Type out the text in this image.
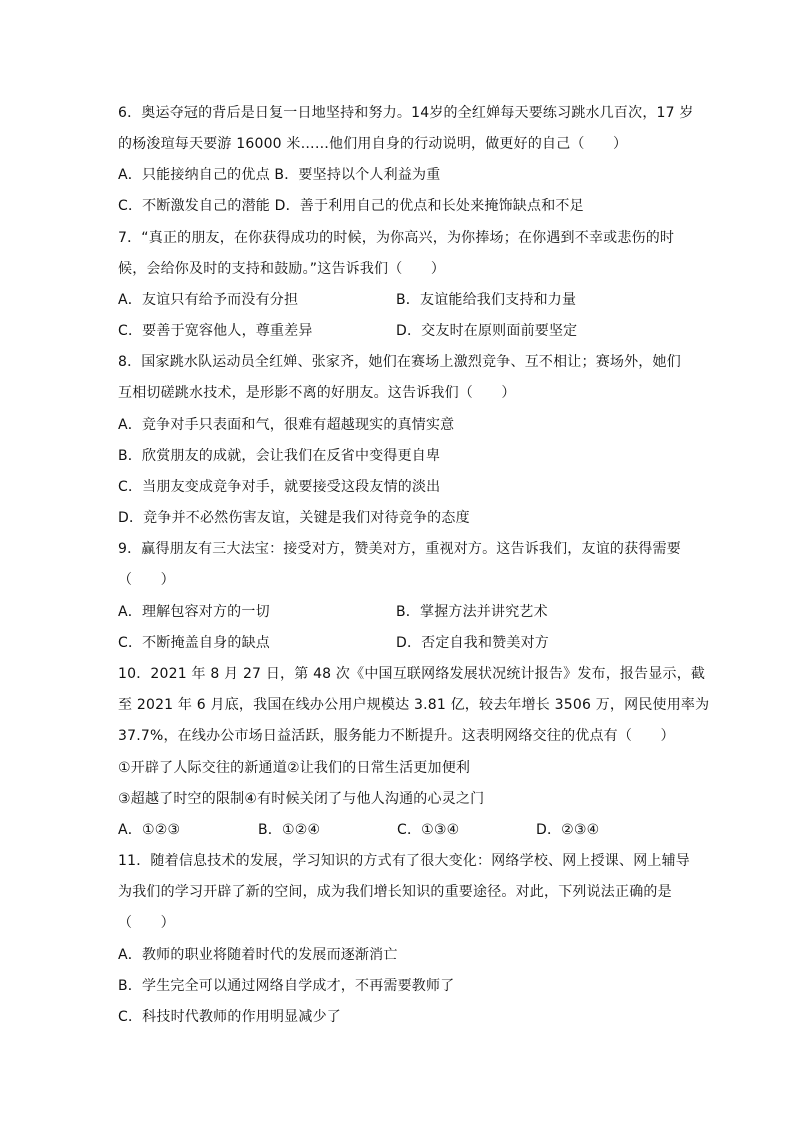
6．奥运夺冠的背后是日复一日地坚持和努力。14岁的全红婵每天要练习跳水几百次，17 岁
的杨浚瑄每天要游 16000 米……他们用自身的行动说明，做更好的自己（　　）
A．只能接纳自己的优点 B．要坚持以个人利益为重
C．不断激发自己的潜能 D．善于利用自己的优点和长处来掩饰缺点和不足
7．“真正的朋友，在你获得成功的时候，为你高兴，为你捧场；在你遇到不幸或悲伤的时
候，会给你及时的支持和鼓励。”这告诉我们（　　）
A．友谊只有给予而没有分担	B．友谊能给我们支持和力量
C．要善于宽容他人，尊重差异	D．交友时在原则面前要坚定
8．国家跳水队运动员全红婵、张家齐，她们在赛场上激烈竞争、互不相让；赛场外，她们
互相切磋跳水技术，是形影不离的好朋友。这告诉我们（　　）
A．竞争对手只表面和气，很难有超越现实的真情实意
B．欣赏朋友的成就，会让我们在反省中变得更自卑
C．当朋友变成竞争对手，就要接受这段友情的淡出
D．竞争并不必然伤害友谊，关键是我们对待竞争的态度
9．赢得朋友有三大法宝：接受对方，赞美对方，重视对方。这告诉我们，友谊的获得需要
（　　）
A．理解包容对方的一切	B．掌握方法并讲究艺术
C．不断掩盖自身的缺点	D．否定自我和赞美对方
10．2021 年 8 月 27 日，第 48 次《中国互联网络发展状况统计报告》发布，报告显示，截
至 2021 年 6 月底，我国在线办公用户规模达 3.81 亿，较去年增长 3506 万，网民使用率为
37.7%，在线办公市场日益活跃，服务能力不断提升。这表明网络交往的优点有（　　）
①开辟了人际交往的新通道②让我们的日常生活更加便利
③超越了时空的限制④有时候关闭了与他人沟通的心灵之门
A．①②③	B．①②④	C．①③④	D．②③④
11．随着信息技术的发展，学习知识的方式有了很大变化：网络学校、网上授课、网上辅导
为我们的学习开辟了新的空间，成为我们增长知识的重要途径。对此，下列说法正确的是
（　　）
A．教师的职业将随着时代的发展而逐渐消亡
B．学生完全可以通过网络自学成才，不再需要教师了
C．科技时代教师的作用明显减少了
